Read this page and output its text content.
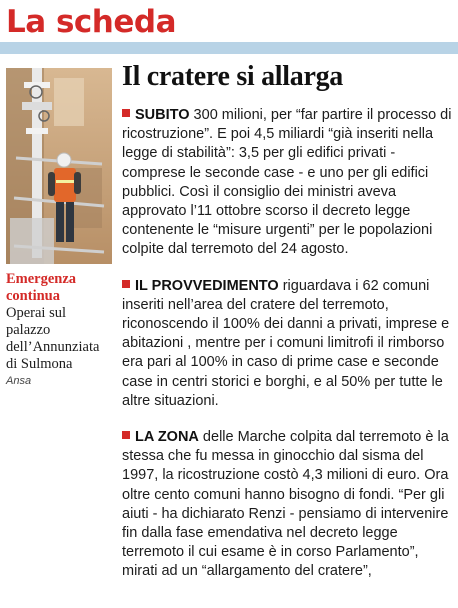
La scheda

Emergenza continua

Operai sul palazzo dell’Annunziata di Sulmona

Ansa
Il cratere si allarga

SUBITO 300 milioni, per “far partire il processo di ricostruzione”. E poi 4,5 miliardi “già inseriti nella legge di stabilità”: 3,5 per gli edifici privati - comprese le seconde case - e uno per gli edifici pubblici. Così il consiglio dei ministri aveva approvato l’11 ottobre scorso il decreto legge contenente le “misure urgenti” per le popolazioni colpite dal terremoto del 24 agosto.

IL PROVVEDIMENTO riguardava i 62 comuni inseriti nell’area del cratere del terremoto, riconoscendo il 100% dei danni a privati, imprese e abitazioni , mentre per i comuni limitrofi il rimborso era pari al 100% in caso di prime case e seconde case in centri storici e borghi, e al 50% per tutte le altre situazioni.

LA ZONA delle Marche colpita dal terremoto è la stessa che fu messa in ginocchio dal sisma del 1997, la ricostruzione costò 4,3 milioni di euro. Ora oltre cento comuni hanno bisogno di fondi. “Per gli aiuti - ha dichiarato Renzi - pensiamo di intervenire fin dalla fase emendativa nel decreto legge terremoto il cui esame è in corso Parlamento”, mirati ad un “allargamento del cratere”,
